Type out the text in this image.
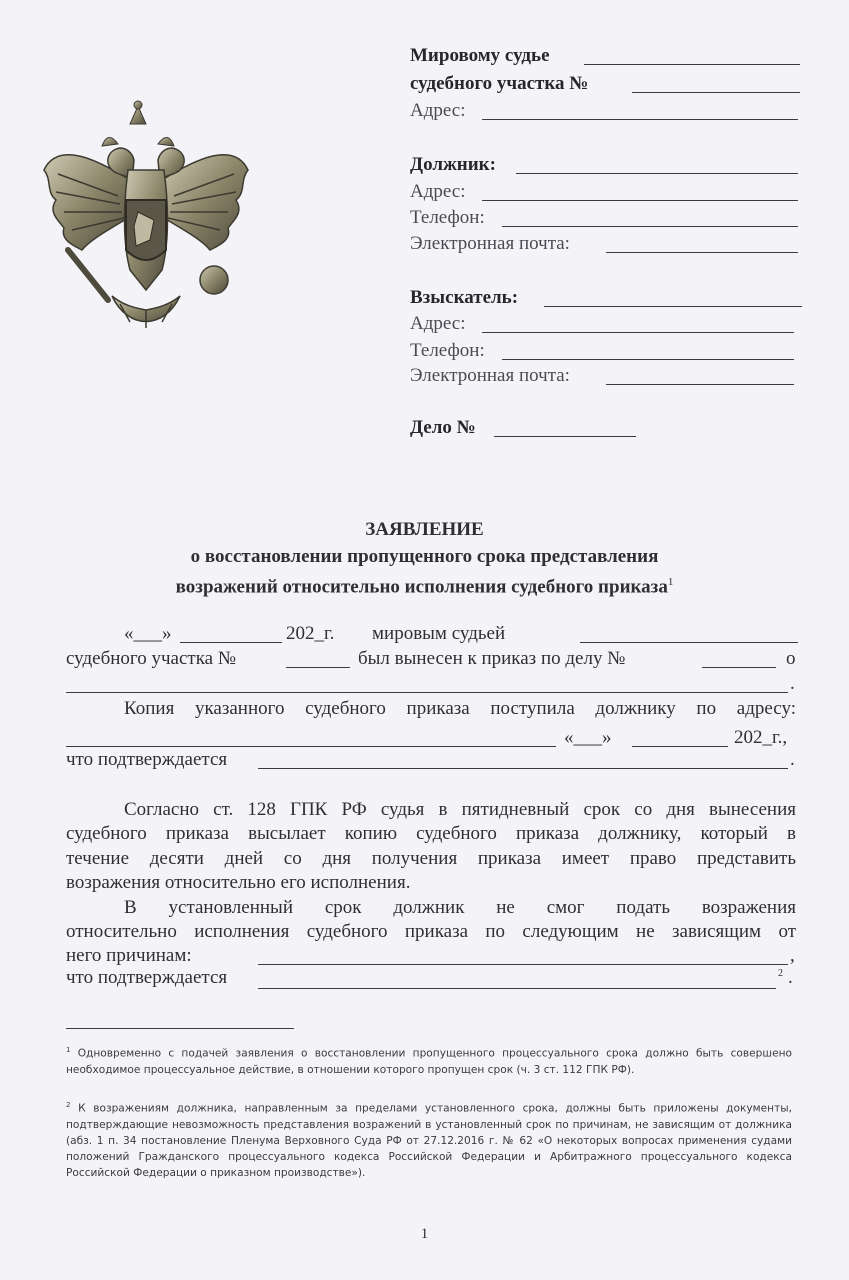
Мировому судье
судебного участка №
Адрес:
Должник:
Адрес:
Телефон:
Электронная почта:
Взыскатель:
Адрес:
Телефон:
Электронная почта:
Дело №
ЗАЯВЛЕНИЕ
о восстановлении пропущенного срока представления
возражений относительно исполнения судебного приказа$^1$
«___»	202_г. мировым судьей
судебного участка №	был вынесен к приказ по делу №	о
.
Копия указанного судебного приказа поступила должнику по адресу:
«___»	202_г.,
что подтверждается	.
Согласно ст. 128 ГПК РФ судья в пятидневный срок со дня вынесения
судебного приказа высылает копию судебного приказа должнику, который в
течение десяти дней со дня получения приказа имеет право представить
возражения относительно его исполнения.
В установленный срок должник не смог подать возражения
относительно исполнения судебного приказа по следующим не зависящим от
него причинам:	,
что подтверждается	2 .
$^1$ Одновременно с подачей заявления о восстановлении пропущенного процессуального срока должно быть совершено необходимое процессуальное действие, в отношении которого пропущен срок (ч. 3 ст. 112 ГПК РФ).
$^2$ К возражениям должника, направленным за пределами установленного срока, должны быть приложены документы, подтверждающие невозможность представления возражений в установленный срок по причинам, не зависящим от должника (абз. 1 п. 34 постановление Пленума Верховного Суда РФ от 27.12.2016 г. № 62 «О некоторых вопросах применения судами положений Гражданского процессуального кодекса Российской Федерации и Арбитражного процессуального кодекса Российской Федерации о приказном производстве»).
1
